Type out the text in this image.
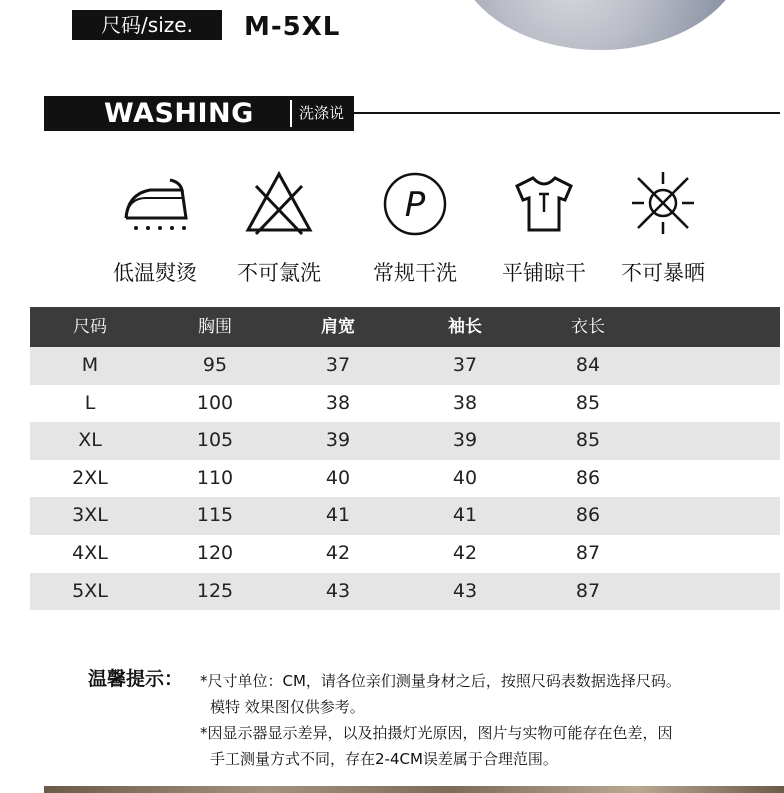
尺码/size.	M-5XL
WASHING	洗涤说明
低温熨烫	不可氯洗
P
常规干洗	平铺晾干	不可暴晒
尺码	胸围	肩宽	袖长	衣长
M	95	37	37	84
L	100	38	38	85
XL	105	39	39	85
2XL	110	40	40	86
3XL	115	41	41	86
4XL	120	42	42	87
5XL	125	43	43	87
温馨提示： *尺寸单位：CM，请各位亲们测量身材之后，按照尺码表数据选择尺码。
模特 效果图仅供参考。
*因显示器显示差异，以及拍摄灯光原因，图片与实物可能存在色差，因
手工测量方式不同，存在2-4CM误差属于合理范围。
